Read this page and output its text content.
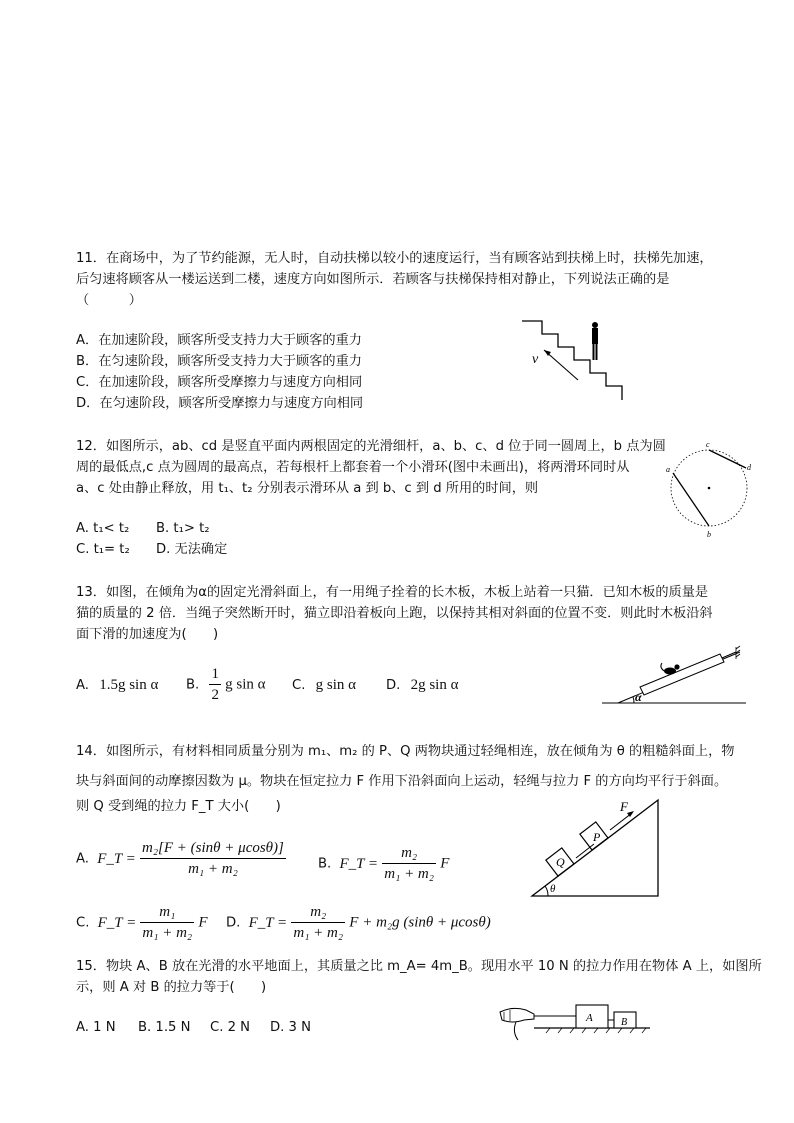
11．在商场中，为了节约能源，无人时，自动扶梯以较小的速度运行，当有顾客站到扶梯上时，扶梯先加速，
后匀速将顾客从一楼运送到二楼，速度方向如图所示．若顾客与扶梯保持相对静止，下列说法正确的是
（　　　）
A．在加速阶段，顾客所受支持力大于顾客的重力
B．在匀速阶段，顾客所受支持力大于顾客的重力
C．在加速阶段，顾客所受摩擦力与速度方向相同
D．在匀速阶段，顾客所受摩擦力与速度方向相同
v
12．如图所示，ab、cd 是竖直平面内两根固定的光滑细杆，a、b、c、d 位于同一圆周上，b 点为圆
周的最低点,c 点为圆周的最高点，若每根杆上都套着一个小滑环(图中未画出)，将两滑环同时从
a、c 处由静止释放，用 t₁、t₂ 分别表示滑环从 a 到 b、c 到 d 所用的时间，则
A. t₁< t₂ B. t₁> t₂
C. t₁= t₂ D. 无法确定
a
b
c
d
13．如图，在倾角为α的固定光滑斜面上，有一用绳子拴着的长木板，木板上站着一只猫．已知木板的质量是
猫的质量的 2 倍．当绳子突然断开时，猫立即沿着板向上跑，以保持其相对斜面的位置不变．则此时木板沿斜
面下滑的加速度为(　　)
A. 1.5g sin α B. $\frac{1}{2}$ g sin α C. g sin α D. 2g sin α
α
14．如图所示，有材料相同质量分别为 m₁、m₂ 的 P、Q 两物块通过轻绳相连，放在倾角为 θ 的粗糙斜面上，物
块与斜面间的动摩擦因数为 μ。物块在恒定拉力 F 作用下沿斜面向上运动，轻绳与拉力 F 的方向均平行于斜面。
则 Q 受到绳的拉力 F_T 大小(　　)
A. F_T = $\frac{\text{m₂[F + (sinθ + μcosθ)]}}{\text{m₁ + m₂}} B$. F_T = $\frac{\text{m₂}}{\text{m₁ + m₂}}$ F
C. F_T = $\frac{\text{m₁}}{\text{m₁ + m₂}}$ F D. F_T = $\frac{\text{m₂}}{\text{m₁ + m₂}}$ F + m₂g (sinθ + μcosθ)
F
P
Q
θ
15．物块 A、B 放在光滑的水平地面上，其质量之比 m_A= 4m_B。现用水平 10 N 的拉力作用在物体 A 上，如图所
示，则 A 对 B 的拉力等于(　　)
A. 1 N B. 1.5 N C. 2 N D. 3 N
A	B
